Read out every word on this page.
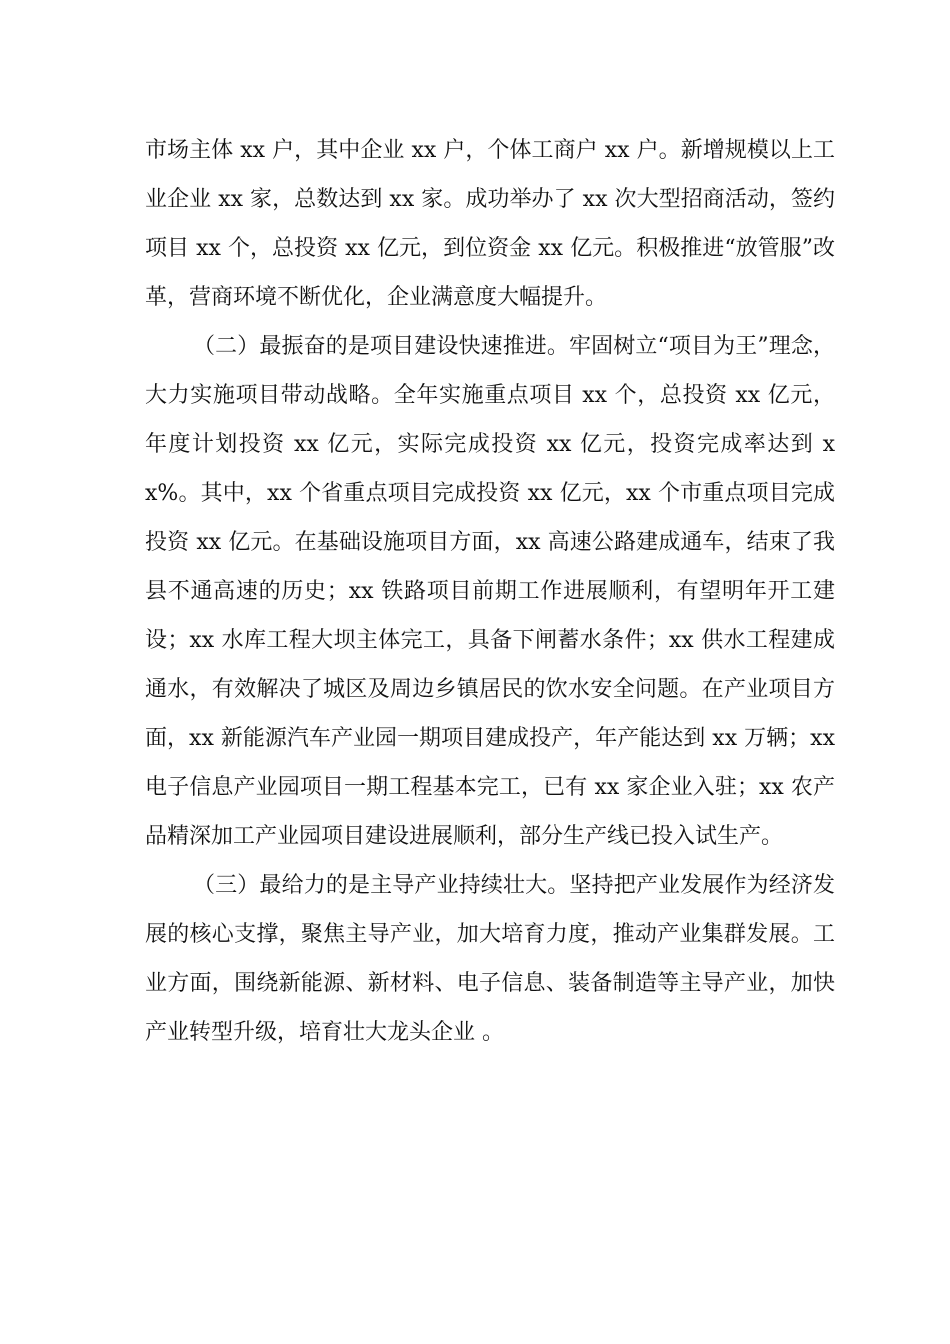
市场主体 xx 户，其中企业 xx 户，个体工商户 xx 户。新增规模以上工业企业 xx 家，总数达到 xx 家。成功举办了 xx 次大型招商活动，签约项目 xx 个，总投资 xx 亿元，到位资金 xx 亿元。积极推进“放管服”改革，营商环境不断优化，企业满意度大幅提升。

（二）最振奋的是项目建设快速推进。牢固树立“项目为王”理念，大力实施项目带动战略。全年实施重点项目 xx 个，总投资 xx 亿元，年度计划投资 xx 亿元，实际完成投资 xx 亿元，投资完成率达到 xx%。其中，xx 个省重点项目完成投资 xx 亿元，xx 个市重点项目完成投资 xx 亿元。在基础设施项目方面，xx 高速公路建成通车，结束了我县不通高速的历史；xx 铁路项目前期工作进展顺利，有望明年开工建设；xx 水库工程大坝主体完工，具备下闸蓄水条件；xx 供水工程建成通水，有效解决了城区及周边乡镇居民的饮水安全问题。在产业项目方面，xx 新能源汽车产业园一期项目建成投产，年产能达到 xx 万辆；xx 电子信息产业园项目一期工程基本完工，已有 xx 家企业入驻；xx 农产品精深加工产业园项目建设进展顺利，部分生产线已投入试生产。

（三）最给力的是主导产业持续壮大。坚持把产业发展作为经济发展的核心支撑，聚焦主导产业，加大培育力度，推动产业集群发展。工业方面，围绕新能源、新材料、电子信息、装备制造等主导产业，加快产业转型升级，培育壮大龙头企业 。
